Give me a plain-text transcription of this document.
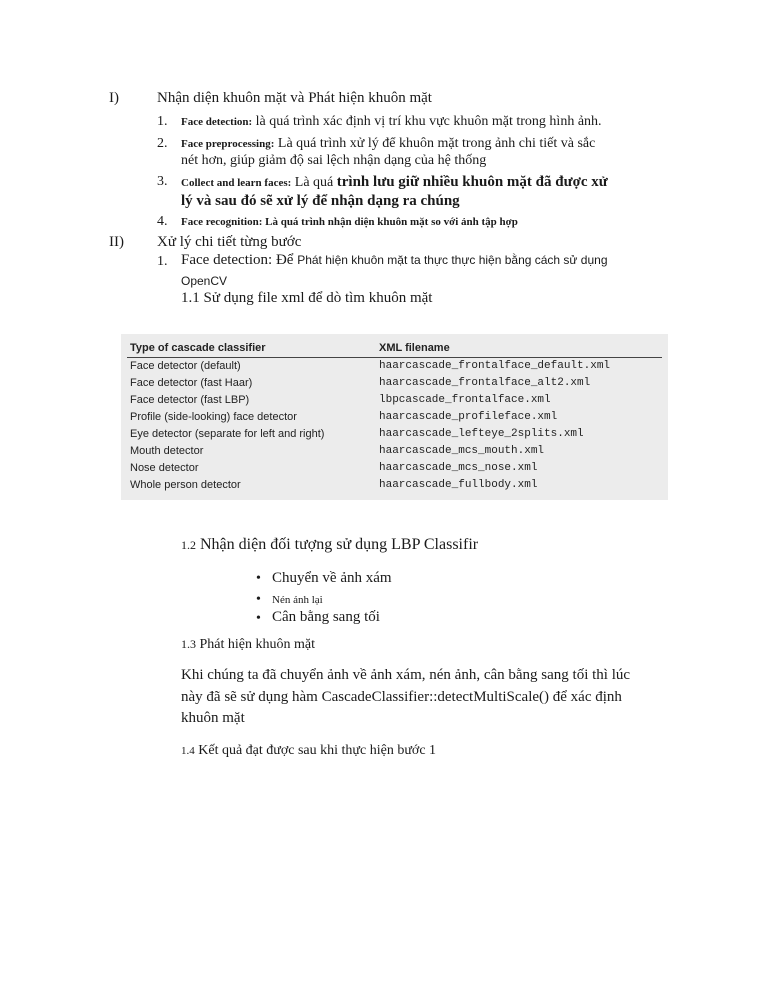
I)	Nhận diện khuôn mặt và Phát hiện khuôn mặt
1. Face detection: là quá trình xác định vị trí khu vực khuôn mặt trong hình ảnh.
2. Face preprocessing: Là quá trình xử lý để khuôn mặt trong ảnh chi tiết và sắc
nét hơn, giúp giảm độ sai lệch nhận dạng của hệ thống
3. Collect and learn faces: Là quá trình lưu giữ nhiều khuôn mặt đã được xử
lý và sau đó sẽ xử lý để nhận dạng ra chúng
4. Face recognition: Là quá trình nhận diện khuôn mặt so với ảnh tập hợp
II) Xử lý chi tiết từng bước
1. Face detection: Để Phát hiện khuôn mặt ta thực thực hiện bằng cách sử dụng
OpenCV
1.1 Sử dụng file xml để dò tìm khuôn mặt
Type of cascade classifier	XML filename
Face detector (default)	haarcascade_frontalface_default.xml
Face detector (fast Haar)	haarcascade_frontalface_alt2.xml
Face detector (fast LBP)	lbpcascade_frontalface.xml
Profile (side-looking) face detector	haarcascade_profileface.xml
Eye detector (separate for left and right)	haarcascade_lefteye_2splits.xml
Mouth detector	haarcascade_mcs_mouth.xml
Nose detector	haarcascade_mcs_nose.xml
Whole person detector	haarcascade_fullbody.xml
1.2 Nhận diện đối tượng sử dụng LBP Classifir
• Chuyển về ảnh xám
• Nén ảnh lại
• Cân bằng sang tối
1.3 Phát hiện khuôn mặt
Khi chúng ta đã chuyển ảnh về ảnh xám, nén ảnh, cân bằng sang tối thì lúc
này đã sẽ sử dụng hàm CascadeClassifier::detectMultiScale() để xác định
khuôn mặt
1.4 Kết quả đạt được sau khi thực hiện bước 1
